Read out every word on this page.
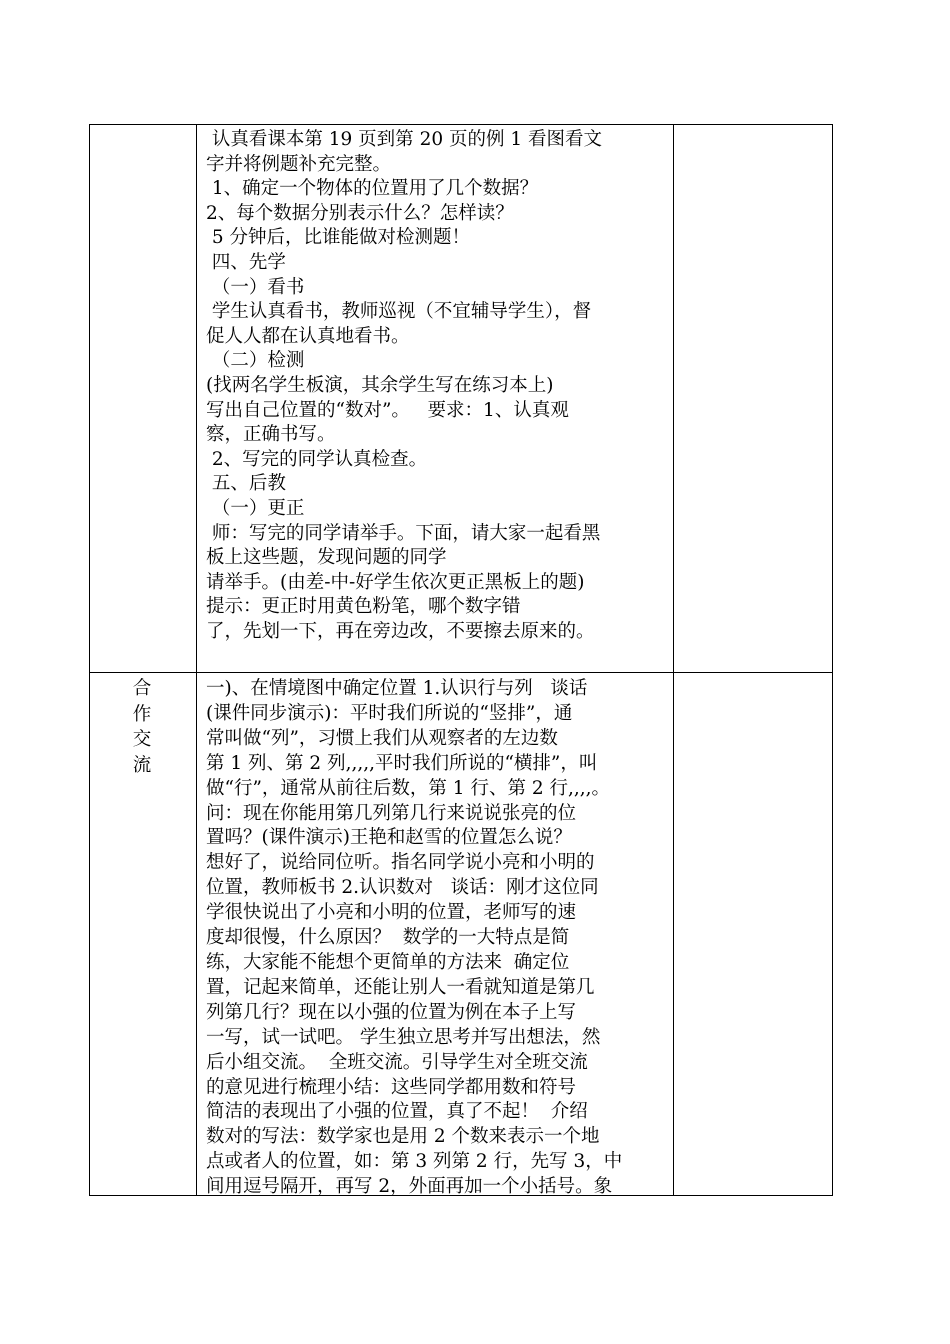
认真看课本第 19 页到第 20 页的例 1 看图看文
字并将例题补充完整。
1、确定一个物体的位置用了几个数据？
2、每个数据分别表示什么？怎样读？
5 分钟后，比谁能做对检测题！
四、先学
（一）看书
学生认真看书，教师巡视（不宜辅导学生），督
促人人都在认真地看书。
（二）检测
(找两名学生板演，其余学生写在练习本上)
写出自己位置的“数对”。   要求：1、认真观
察，正确书写。
2、写完的同学认真检查。
五、后教
（一）更正
师：写完的同学请举手。下面，请大家一起看黑
板上这些题，发现问题的同学
请举手。(由差-中-好学生依次更正黑板上的题)
提示：更正时用黄色粉笔，哪个数字错
了，先划一下，再在旁边改，不要擦去原来的。
合
作
交
流
一)、在情境图中确定位置 1.认识行与列   谈话
(课件同步演示)：平时我们所说的“竖排”，通
常叫做“列”，习惯上我们从观察者的左边数
第 1 列、第 2 列,,,,,平时我们所说的“横排”，叫
做“行”，通常从前往后数，第 1 行、第 2 行,,,,。
问：现在你能用第几列第几行来说说张亮的位
置吗？(课件演示)王艳和赵雪的位置怎么说？
想好了，说给同位听。指名同学说小亮和小明的
位置，教师板书 2.认识数对   谈话：刚才这位同
学很快说出了小亮和小明的位置，老师写的速
度却很慢，什么原因？  数学的一大特点是简
练，大家能不能想个更简单的方法来  确定位
置，记起来简单，还能让别人一看就知道是第几
列第几行？现在以小强的位置为例在本子上写
一写，试一试吧。 学生独立思考并写出想法，然
后小组交流。  全班交流。引导学生对全班交流
的意见进行梳理小结：这些同学都用数和符号
简洁的表现出了小强的位置，真了不起！  介绍
数对的写法：数学家也是用 2 个数来表示一个地
点或者人的位置，如：第 3 列第 2 行，先写 3，中
间用逗号隔开，再写 2，外面再加一个小括号。象
